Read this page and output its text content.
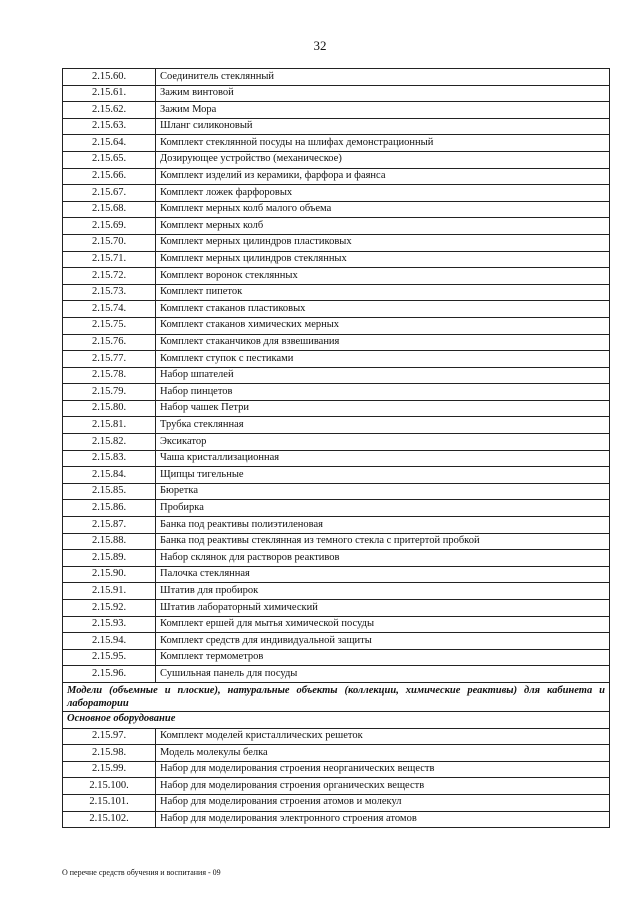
32
2.15.60.	Соединитель стеклянный
2.15.61.	Зажим винтовой
2.15.62.	Зажим Мора
2.15.63.	Шланг силиконовый
2.15.64.	Комплект стеклянной посуды на шлифах демонстрационный
2.15.65.	Дозирующее устройство (механическое)
2.15.66.	Комплект изделий из керамики, фарфора и фаянса
2.15.67.	Комплект ложек фарфоровых
2.15.68.	Комплект мерных колб малого объема
2.15.69.	Комплект мерных колб
2.15.70.	Комплект мерных цилиндров пластиковых
2.15.71.	Комплект мерных цилиндров стеклянных
2.15.72.	Комплект воронок стеклянных
2.15.73.	Комплект пипеток
2.15.74.	Комплект стаканов пластиковых
2.15.75.	Комплект стаканов химических мерных
2.15.76.	Комплект стаканчиков для взвешивания
2.15.77.	Комплект ступок с пестиками
2.15.78.	Набор шпателей
2.15.79.	Набор пинцетов
2.15.80.	Набор чашек Петри
2.15.81.	Трубка стеклянная
2.15.82.	Эксикатор
2.15.83.	Чаша кристаллизационная
2.15.84.	Щипцы тигельные
2.15.85.	Бюретка
2.15.86.	Пробирка
2.15.87.	Банка под реактивы полиэтиленовая
2.15.88.	Банка под реактивы стеклянная из темного стекла с притертой пробкой
2.15.89.	Набор склянок для растворов реактивов
2.15.90.	Палочка стеклянная
2.15.91.	Штатив для пробирок
2.15.92.	Штатив лабораторный химический
2.15.93.	Комплект ершей для мытья химической посуды
2.15.94.	Комплект средств для индивидуальной защиты
2.15.95.	Комплект термометров
2.15.96.	Сушильная панель для посуды
Модели (объемные и плоские), натуральные объекты (коллекции, химические реактивы) для кабинета и лаборатории	
Основное оборудование	
2.15.97.	Комплект моделей кристаллических решеток
2.15.98.	Модель молекулы белка
2.15.99.	Набор для моделирования строения неорганических веществ
2.15.100.	Набор для моделирования строения органических веществ
2.15.101.	Набор для моделирования строения атомов и молекул
2.15.102.	Набор для моделирования электронного строения атомов
О перечне средств обучения и воспитания - 09
